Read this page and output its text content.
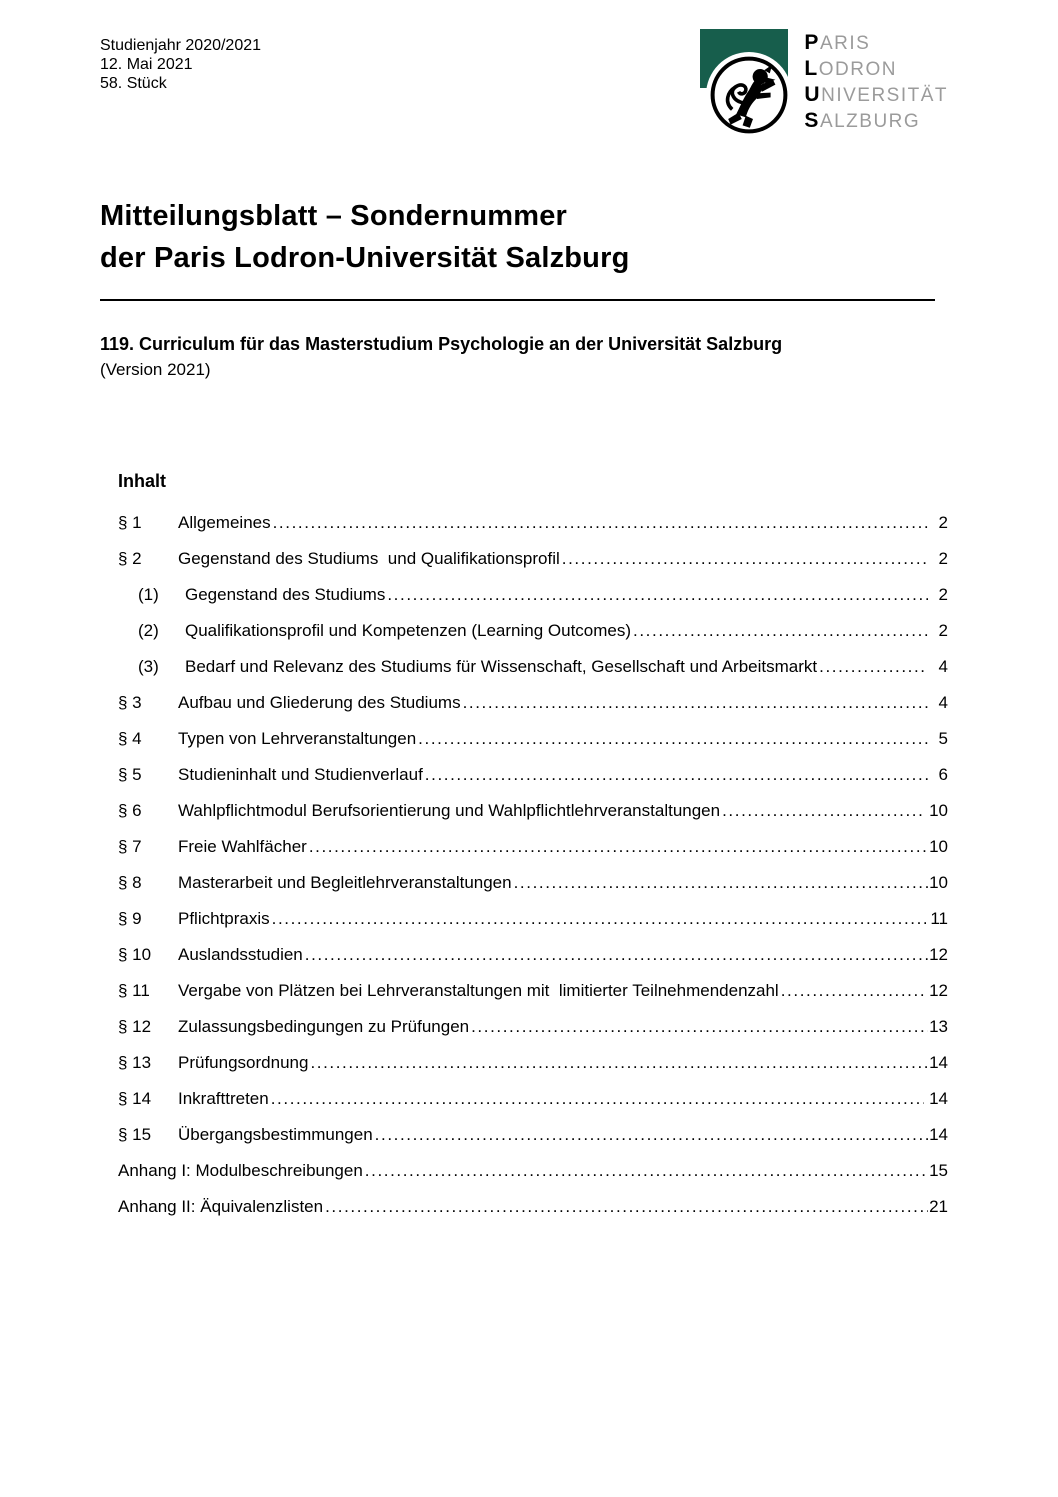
Studienjahr 2020/2021
12. Mai 2021
58. Stück
PARIS
LODRON
UNIVERSITÄT
SALZBURG
Mitteilungsblatt – Sondernummer
der Paris Lodron-Universität Salzburg
119. Curriculum für das Masterstudium Psychologie an der Universität Salzburg
(Version 2021)
Inhalt
§ 1	Allgemeines .....	2
§ 2	Gegenstand des Studiums  und Qualifikationsprofil .....	2
(1)	Gegenstand des Studiums .....	2
(2)	Qualifikationsprofil und Kompetenzen (Learning Outcomes) .....	2
(3)	Bedarf und Relevanz des Studiums für Wissenschaft, Gesellschaft und Arbeitsmarkt .....	4
§ 3	Aufbau und Gliederung des Studiums .....	4
§ 4	Typen von Lehrveranstaltungen .....	5
§ 5	Studieninhalt und Studienverlauf .....	6
§ 6	Wahlpflichtmodul Berufsorientierung und Wahlpflichtlehrveranstaltungen .....	10
§ 7	Freie Wahlfächer .....	10
§ 8	Masterarbeit und Begleitlehrveranstaltungen .....	10
§ 9	Pflichtpraxis .....	11
§ 10	Auslandsstudien .....	12
§ 11	Vergabe von Plätzen bei Lehrveranstaltungen mit  limitierter Teilnehmendenzahl .....	12
§ 12	Zulassungsbedingungen zu Prüfungen .....	13
§ 13	Prüfungsordnung .....	14
§ 14	Inkrafttreten .....	14
§ 15	Übergangsbestimmungen .....	14
Anhang I: Modulbeschreibungen .....	15
Anhang II: Äquivalenzlisten .....	21
